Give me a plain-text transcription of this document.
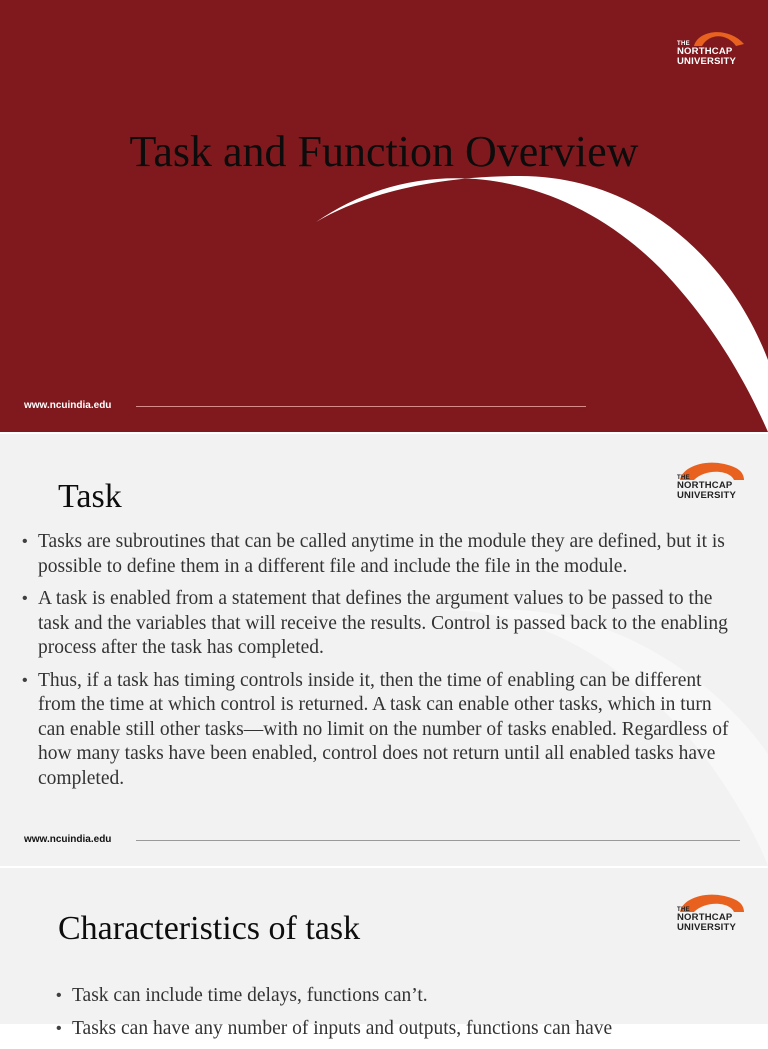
THE
NORTHCAP
UNIVERSITY
Task and Function Overview
www.ncuindia.edu
THE
NORTHCAP
UNIVERSITY
Task
• Tasks are subroutines that can be called anytime in the module they are defined, but it is possible to define them in a different file and include the file in the module.
• A task is enabled from a statement that defines the argument values to be passed to the task and the variables that will receive the results. Control is passed back to the enabling process after the task has completed.
• Thus, if a task has timing controls inside it, then the time of enabling can be different from the time at which control is returned. A task can enable other tasks, which in turn can enable still other tasks—with no limit on the number of tasks enabled. Regardless of how many tasks have been enabled, control does not return until all enabled tasks have completed.
www.ncuindia.edu
THE
NORTHCAP
UNIVERSITY
Characteristics of task
• Task can include time delays, functions can’t.
• Tasks can have any number of inputs and outputs, functions can have
